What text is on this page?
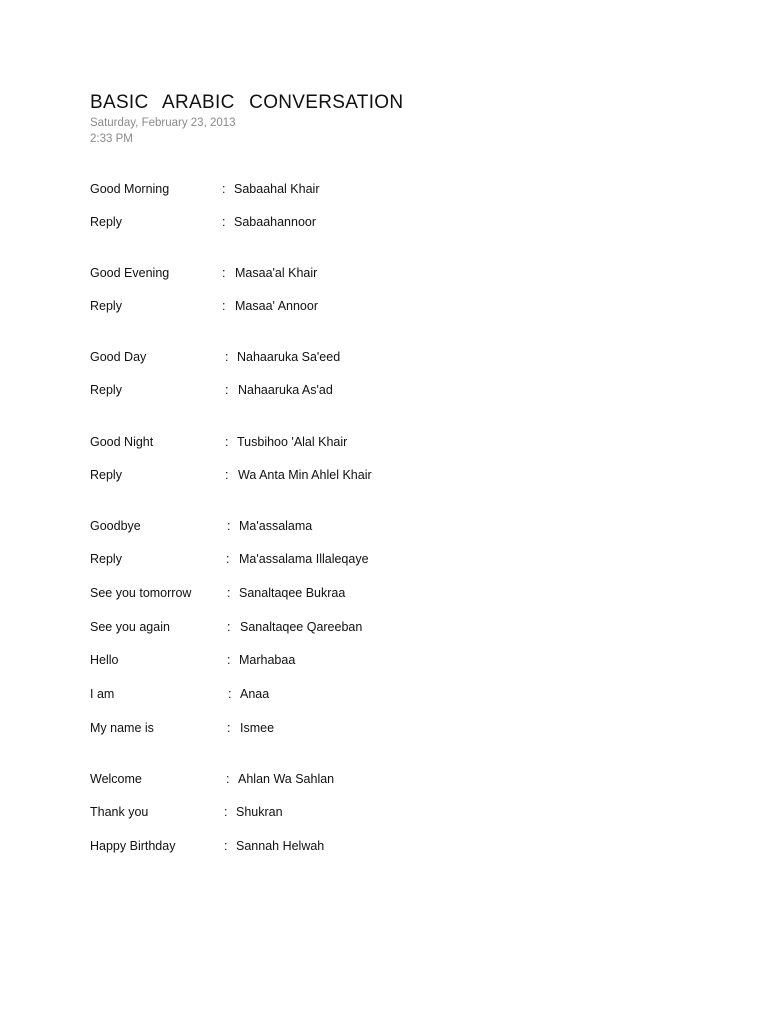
BASIC ARABIC CONVERSATION
Saturday, February 23, 2013
2:33 PM
Good Morning	: Sabaahal Khair
Reply	: Sabaahannoor
Good Evening	: Masaa'al Khair
Reply	: Masaa' Annoor
Good Day	: Nahaaruka Sa'eed
Reply	: Nahaaruka As'ad
Good Night	: Tusbihoo 'Alal Khair
Reply	: Wa Anta Min Ahlel Khair
Goodbye	: Ma'assalama
Reply	: Ma'assalama Illaleqaye
See you tomorrow	: Sanaltaqee Bukraa
See you again	: Sanaltaqee Qareeban
Hello	: Marhabaa
I am	: Anaa
My name is	: Ismee
Welcome	: Ahlan Wa Sahlan
Thank you	: Shukran
Happy Birthday	: Sannah Helwah
